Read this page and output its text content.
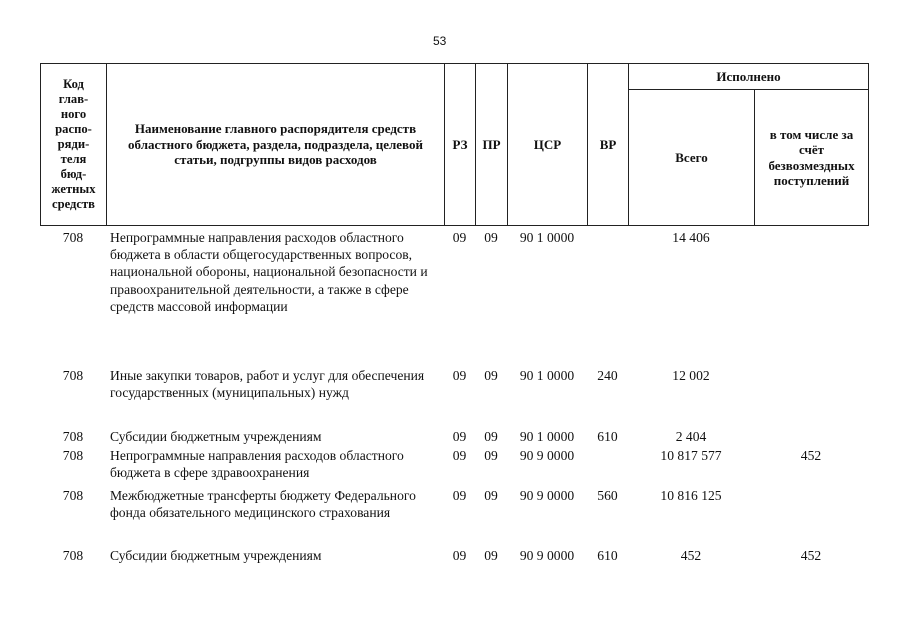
53
Код глав-ного распо-ряди-теля бюд-жетных средств	Наименование главного распорядителя средств областного бюджета, раздела, подраздела, целевой статьи, подгруппы видов расходов	РЗ	ПР	ЦСР	ВР	Исполнено	
						Всего	в том числе за счёт безвозмездных поступлений
708	Непрограммные направления расходов областного бюджета в области общегосударственных вопросов, национальной обороны, национальной безопасности и правоохранительной деятельности, а также в сфере средств массовой информации	09	09	90 1 0000		14 406	
708	Иные закупки товаров, работ и услуг для обеспечения государственных (муниципальных) нужд	09	09	90 1 0000	240	12 002	
708	Субсидии бюджетным учреждениям	09	09	90 1 0000	610	2 404	
708	Непрограммные направления расходов областного бюджета в сфере здравоохранения	09	09	90 9 0000		10 817 577	452
708	Межбюджетные трансферты бюджету Федерального фонда обязательного медицинского страхования	09	09	90 9 0000	560	10 816 125	
708	Субсидии бюджетным учреждениям	09	09	90 9 0000	610	452	452
